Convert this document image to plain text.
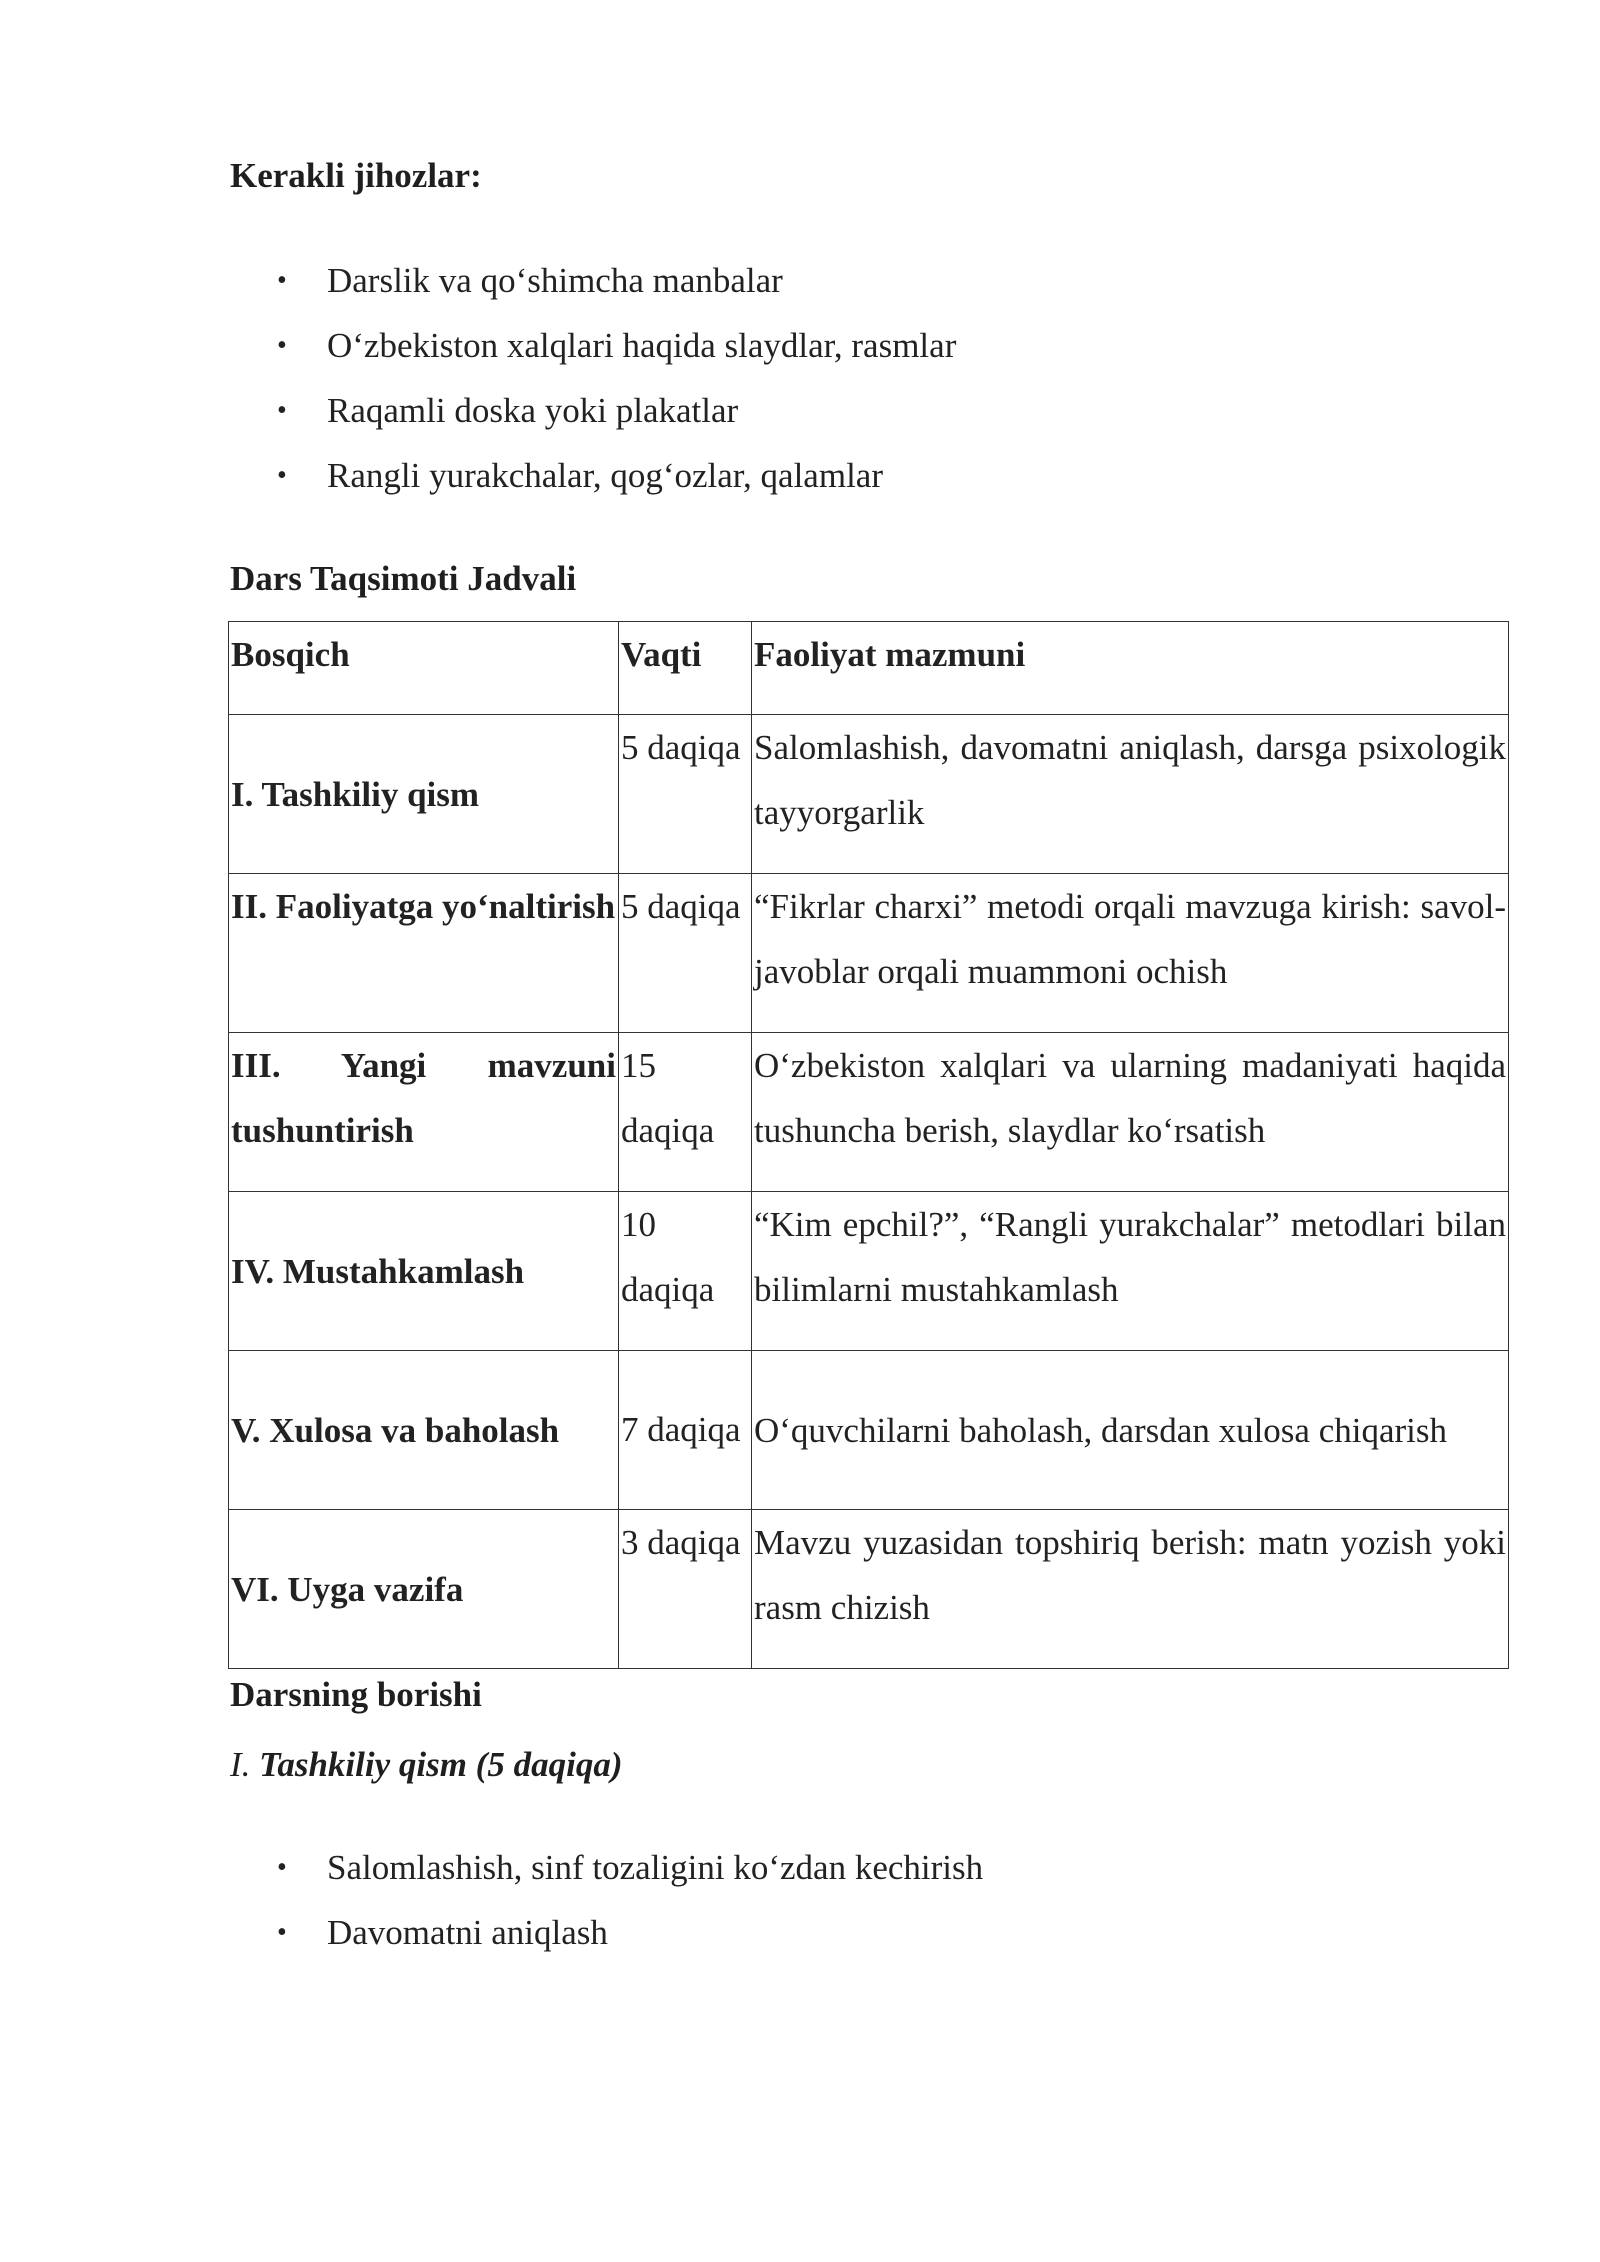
Kerakli jihozlar:

• Darslik va qo‘shimcha manbalar
• O‘zbekiston xalqlari haqida slaydlar, rasmlar
• Raqamli doska yoki plakatlar
• Rangli yurakchalar, qog‘ozlar, qalamlar

Dars Taqsimoti Jadvali

Bosqich	Vaqti	Faoliyat mazmuni
I. Tashkiliy qism	5 daqiqa	Salomlashish, davomatni aniqlash, darsga psixologik tayyorgarlik
II. Faoliyatga yo‘naltirish	5 daqiqa	“Fikrlar charxi” metodi orqali mavzuga kirish: savol-javoblar orqali muammoni ochish
III. Yangi mavzuni tushuntirish	15 daqiqa	O‘zbekiston xalqlari va ularning madaniyati haqida tushuncha berish, slaydlar ko‘rsatish
IV. Mustahkamlash	10 daqiqa	“Kim epchil?”, “Rangli yurakchalar” metodlari bilan bilimlarni mustahkamlash
V. Xulosa va baholash	7 daqiqa	O‘quvchilarni baholash, darsdan xulosa chiqarish
VI. Uyga vazifa	3 daqiqa	Mavzu yuzasidan topshiriq berish: matn yozish yoki rasm chizish

Darsning borishi

I. Tashkiliy qism (5 daqiqa)

• Salomlashish, sinf tozaligini ko‘zdan kechirish
• Davomatni aniqlash
